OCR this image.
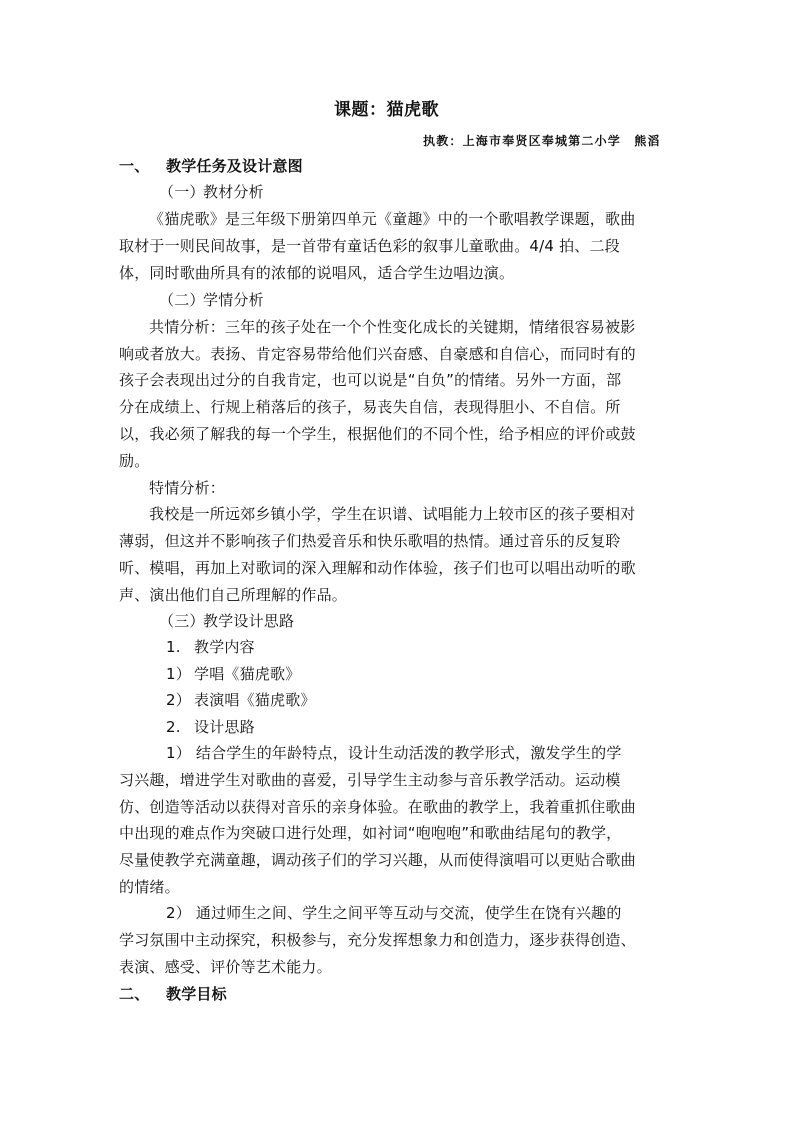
课题：猫虎歌
执教：上海市奉贤区奉城第二小学　熊滔
一、 教学任务及设计意图
（一）教材分析
《猫虎歌》是三年级下册第四单元《童趣》中的一个歌唱教学课题，歌曲
取材于一则民间故事，是一首带有童话色彩的叙事儿童歌曲。4/4 拍、二段
体，同时歌曲所具有的浓郁的说唱风，适合学生边唱边演。
（二）学情分析
共情分析：三年的孩子处在一个个性变化成长的关键期，情绪很容易被影
响或者放大。表扬、肯定容易带给他们兴奋感、自豪感和自信心，而同时有的
孩子会表现出过分的自我肯定，也可以说是“自负”的情绪。另外一方面，部
分在成绩上、行规上稍落后的孩子，易丧失自信，表现得胆小、不自信。所
以，我必须了解我的每一个学生，根据他们的不同个性，给予相应的评价或鼓
励。
特情分析：
我校是一所远郊乡镇小学，学生在识谱、试唱能力上较市区的孩子要相对
薄弱，但这并不影响孩子们热爱音乐和快乐歌唱的热情。通过音乐的反复聆
听、模唱，再加上对歌词的深入理解和动作体验，孩子们也可以唱出动听的歌
声、演出他们自己所理解的作品。
（三）教学设计思路
1. 教学内容
1） 学唱《猫虎歌》
2） 表演唱《猫虎歌》
2. 设计思路
1） 结合学生的年龄特点，设计生动活泼的教学形式，激发学生的学
习兴趣，增进学生对歌曲的喜爱，引导学生主动参与音乐教学活动。运动模
仿、创造等活动以获得对音乐的亲身体验。在歌曲的教学上，我着重抓住歌曲
中出现的难点作为突破口进行处理，如衬词“咆咆咆”和歌曲结尾句的教学，
尽量使教学充满童趣，调动孩子们的学习兴趣，从而使得演唱可以更贴合歌曲
的情绪。
2） 通过师生之间、学生之间平等互动与交流，使学生在饶有兴趣的
学习氛围中主动探究，积极参与，充分发挥想象力和创造力，逐步获得创造、
表演、感受、评价等艺术能力。
二、 教学目标
